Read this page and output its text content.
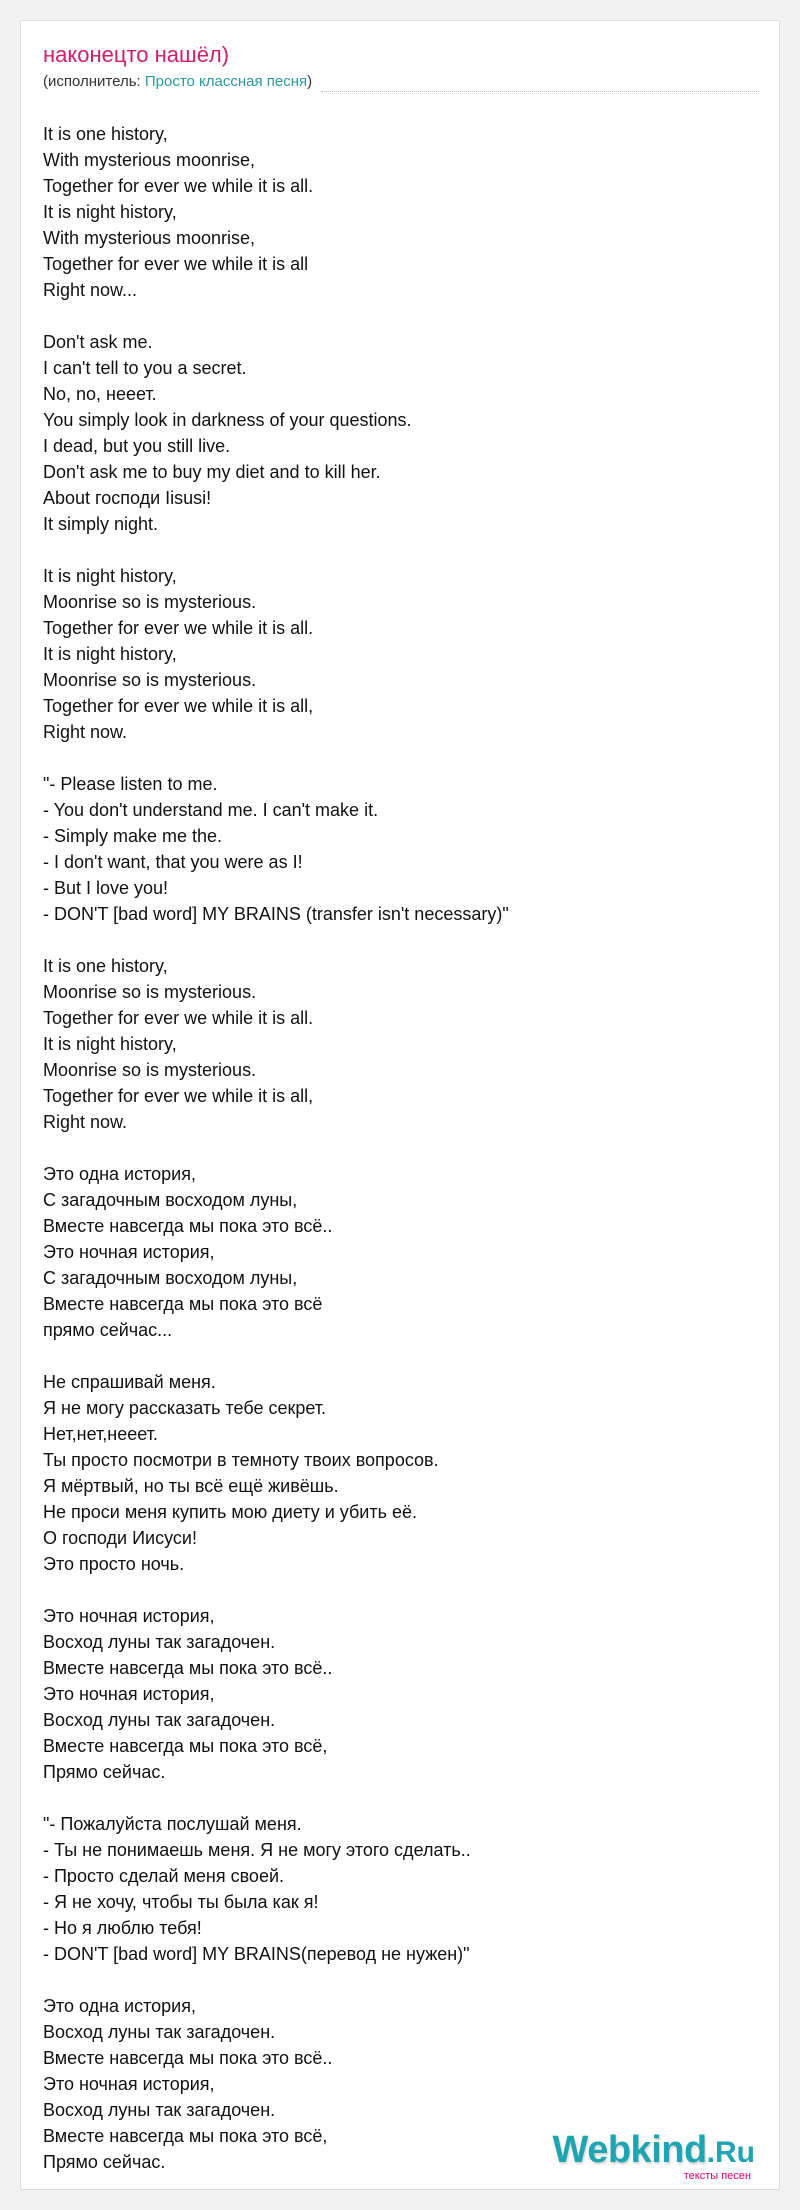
наконецто нашёл)
(исполнитель: Просто классная песня)
It is one history,
With mysterious moonrise,
Together for ever we while it is all.
It is night history,
With mysterious moonrise,
Together for ever we while it is all
Right now...

Don't ask me.
I can't tell to you a secret.
No, no, нееет.
You simply look in darkness of your questions.
I dead, but you still live.
Don't ask me to buy my diet and to kill her.
About господи Iisusi!
It simply night.

It is night history,
Moonrise so is mysterious.
Together for ever we while it is all.
It is night history,
Moonrise so is mysterious.
Together for ever we while it is all,
Right now.

"- Please listen to me.
- You don't understand me. I can't make it.
- Simply make me the.
- I don't want, that you were as I!
- But I love you!
- DON'T [bad word] MY BRAINS (transfer isn't necessary)"

It is one history,
Moonrise so is mysterious.
Together for ever we while it is all.
It is night history,
Moonrise so is mysterious.
Together for ever we while it is all,
Right now.

Это одна история,
С загадочным восходом луны,
Вместе навсегда мы пока это всё..
Это ночная история,
С загадочным восходом луны,
Вместе навсегда мы пока это всё
прямо сейчас...

Не спрашивай меня.
Я не могу рассказать тебе секрет.
Нет,нет,нееет.
Ты просто посмотри в темноту твоих вопросов.
Я мёртвый, но ты всё ещё живёшь.
Не проси меня купить мою диету и убить её.
О господи Иисуси!
Это просто ночь.

Это ночная история,
Восход луны так загадочен.
Вместе навсегда мы пока это всё..
Это ночная история,
Восход луны так загадочен.
Вместе навсегда мы пока это всё,
Прямо сейчас.

"- Пожалуйста послушай меня.
- Ты не понимаешь меня. Я не могу этого сделать..
- Просто сделай меня своей.
- Я не хочу, чтобы ты была как я!
- Но я люблю тебя!
- DON'T [bad word] MY BRAINS(перевод не нужен)"

Это одна история,
Восход луны так загадочен.
Вместе навсегда мы пока это всё..
Это ночная история,
Восход луны так загадочен.
Вместе навсегда мы пока это всё,
Прямо сейчас.	Webkind.Ru
тексты песен
